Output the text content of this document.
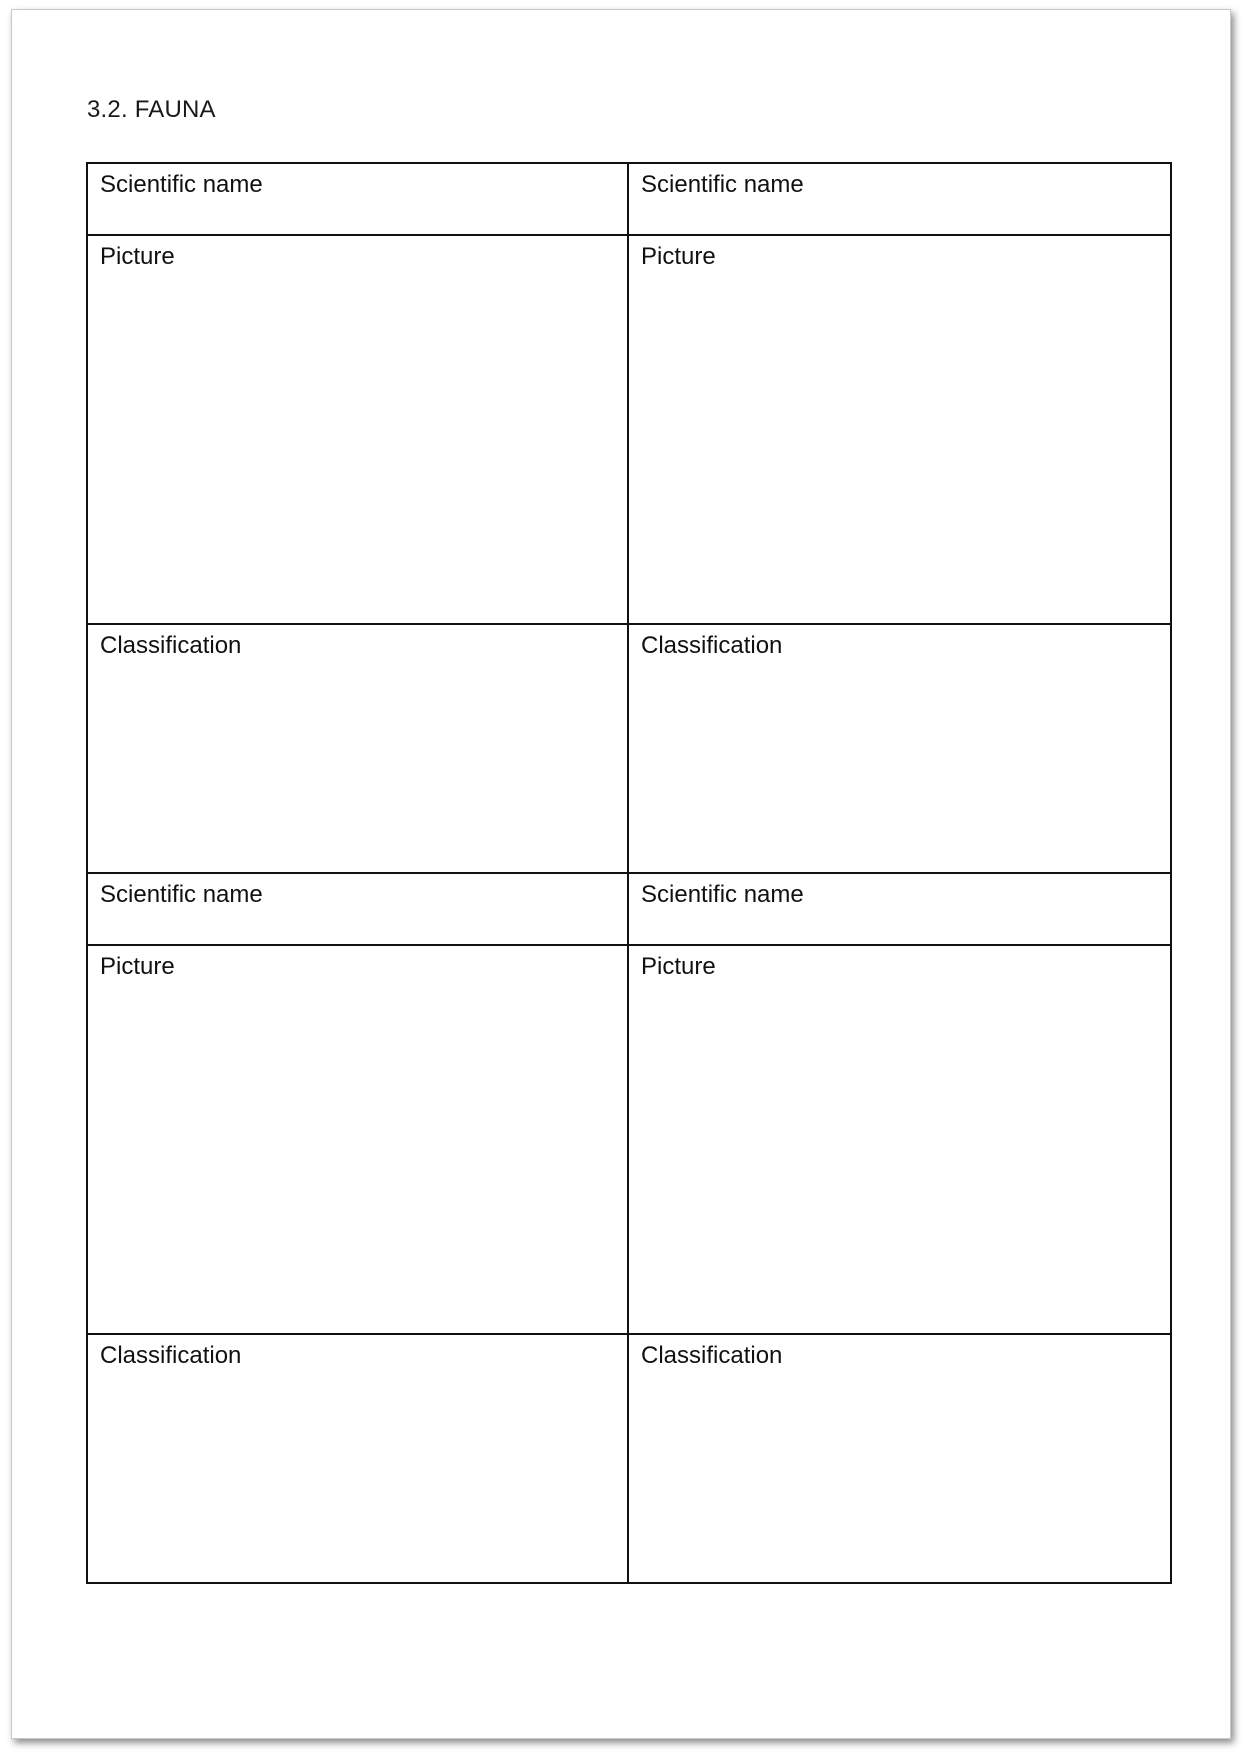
3.2. FAUNA
Scientific name	Scientific name

Picture	Picture

Classification	Classification

Scientific name	Scientific name

Picture	Picture

Classification	Classification
